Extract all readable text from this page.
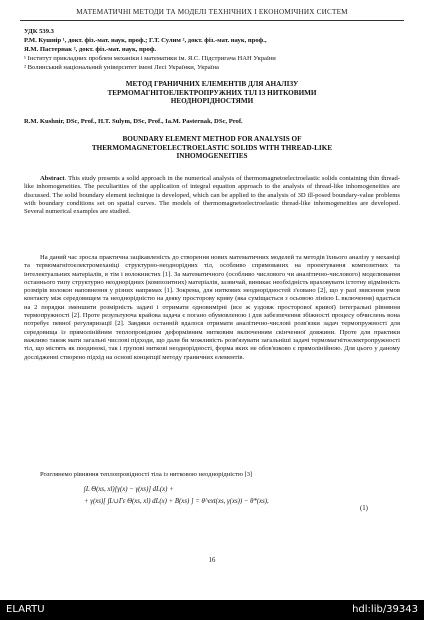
МАТЕМАТИЧНІ МЕТОДИ ТА МОДЕЛІ ТЕХНІЧНИХ І ЕКОНОМІЧНИХ СИСТЕМ
УДК 539.3
Р.М. Кушнір ¹, докт. фіз.-мат. наук, проф.; Г.Т. Сулим ², докт. фіз.-мат. наук, проф.,
Я.М. Пастернак ², докт. фіз.-мат. наук, проф.
¹ Інститут прикладних проблем механіки і математики ім. Я.С. Підстригача НАН України
² Волинський національний університет імені Лесі Українки, Україна
МЕТОД ГРАНИЧНИХ ЕЛЕМЕНТІВ ДЛЯ АНАЛІЗУ ТЕРМОМАГНІТОЕЛЕКТРОПРУЖНИХ ТІЛ ІЗ НИТКОВИМИ НЕОДНОРІДНОСТЯМИ
R.M. Kushnir, DSc, Prof., H.T. Sulym, DSc, Prof., Ia.M. Pasternak, DSc, Prof.
BOUNDARY ELEMENT METHOD FOR ANALYSIS OF THERMOMAGNETOELECTROELASTIC SOLIDS WITH THREAD-LIKE INHOMOGENEITIES
Abstract. This study presents a solid approach in the numerical analysis of thermomagnetoelectroelastic solids containing thin thread-like inhomogeneities. The peculiarities of the application of integral equation approach to the analysis of thread-like inhomogeneities are discussed. The solid boundary element technique is developed, which can be applied to the analysis of 3D ill-posed boundary-value problems with boundary conditions set on spatial curves. The models of thermomagnetoelectroelastic thread-like inhomogeneities are developed. Several numerical examples are studied.
На даний час зросла практична зацікавленість до створення нових математичних моделей та методів їхнього аналізу у механіці та термомагнітоелектромеханіці структурно-неоднорідних тіл, особливо спрямованих на проектування композитних та інтелектуальних матеріалів, в тім і волокнистих [1]. За математичного (особливо числового чи аналітично-числового) моделювання останнього типу структурно неоднорідних (композитних) матеріалів, зазвичай, виникає необхідність враховувати істотну відмінність розмірів волокон наповнення у різних напрямах [1]. Зокрема, для ниткових неоднорідностей з'єовано [2], що у разі звисення умов контакту між середовищем та неоднорідністю на деяку просторову криву (яка суміщається з осьовою лінією L включення) вдається на 2 порядки зменшити розмірність задачі і отримати одновимірні (все ж уздовж просторової кривої) інтегральні рівняння термопружності [2]. Проте результуюча крайова задача є погано обумовленою і для забезпечення збіжності процесу обчислень вона потребує певної регуляризації [2]. Завдяки останній вдалося отримати аналітично-числові розв'язки задач термопружності для середовища із прямолінійним теплопровідним деформівним нитковим включенням скінченної довжини. Проте для практики важливо також мати загальні числові підходи, що дали би можливість розв'язувати загальніші задачі термомагнітоелектропружності тіл, що містять як поодинокі, так і групові ниткові неоднорідності, форма яких не обов'язково є прямолінійною. Для цього у даному дослідженні створено підхід на основі концепції методу граничних елементів.
Розглянемо рівняння теплопровідності тіла із нитковою неоднорідністю [3]
∫L Θ(xs, xl)[γ(x) − γ(xs)] dL(x) +
+ γ(xs)[ ∫L∪Γε Θ(xs, xl) dL(x) + B(xs) ] = θ^ext(xs, γ(xs)) − θ*(xs),
(1)
16
ELARTU	hdl:lib/39343
